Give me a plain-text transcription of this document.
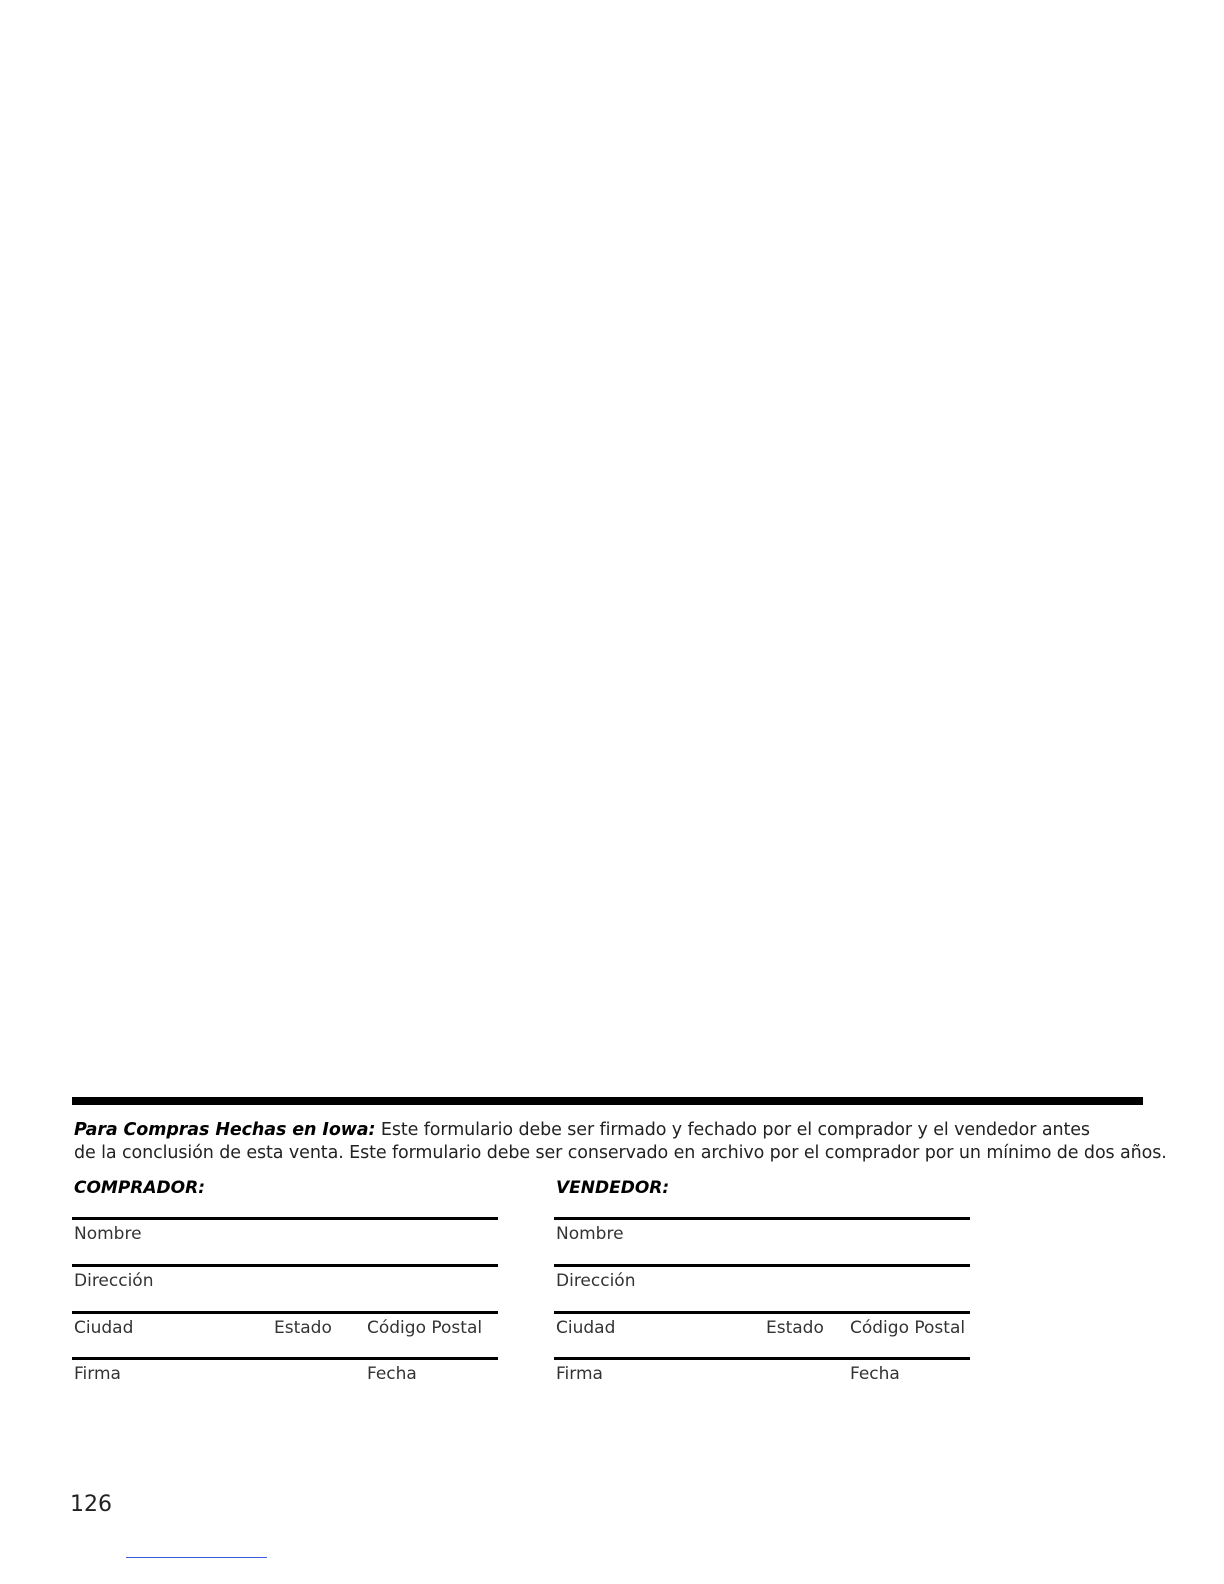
Para Compras Hechas en Iowa: Este formulario debe ser firmado y fechado por el comprador y el vendedor antes
de la conclusión de esta venta. Este formulario debe ser conservado en archivo por el comprador por un mínimo de dos años.
COMPRADOR:
Nombre
Dirección
Ciudad	Estado Código Postal
Firma	Fecha
VENDEDOR:
Nombre
Dirección
Ciudad	Estado Código Postal
Firma	Fecha
126
